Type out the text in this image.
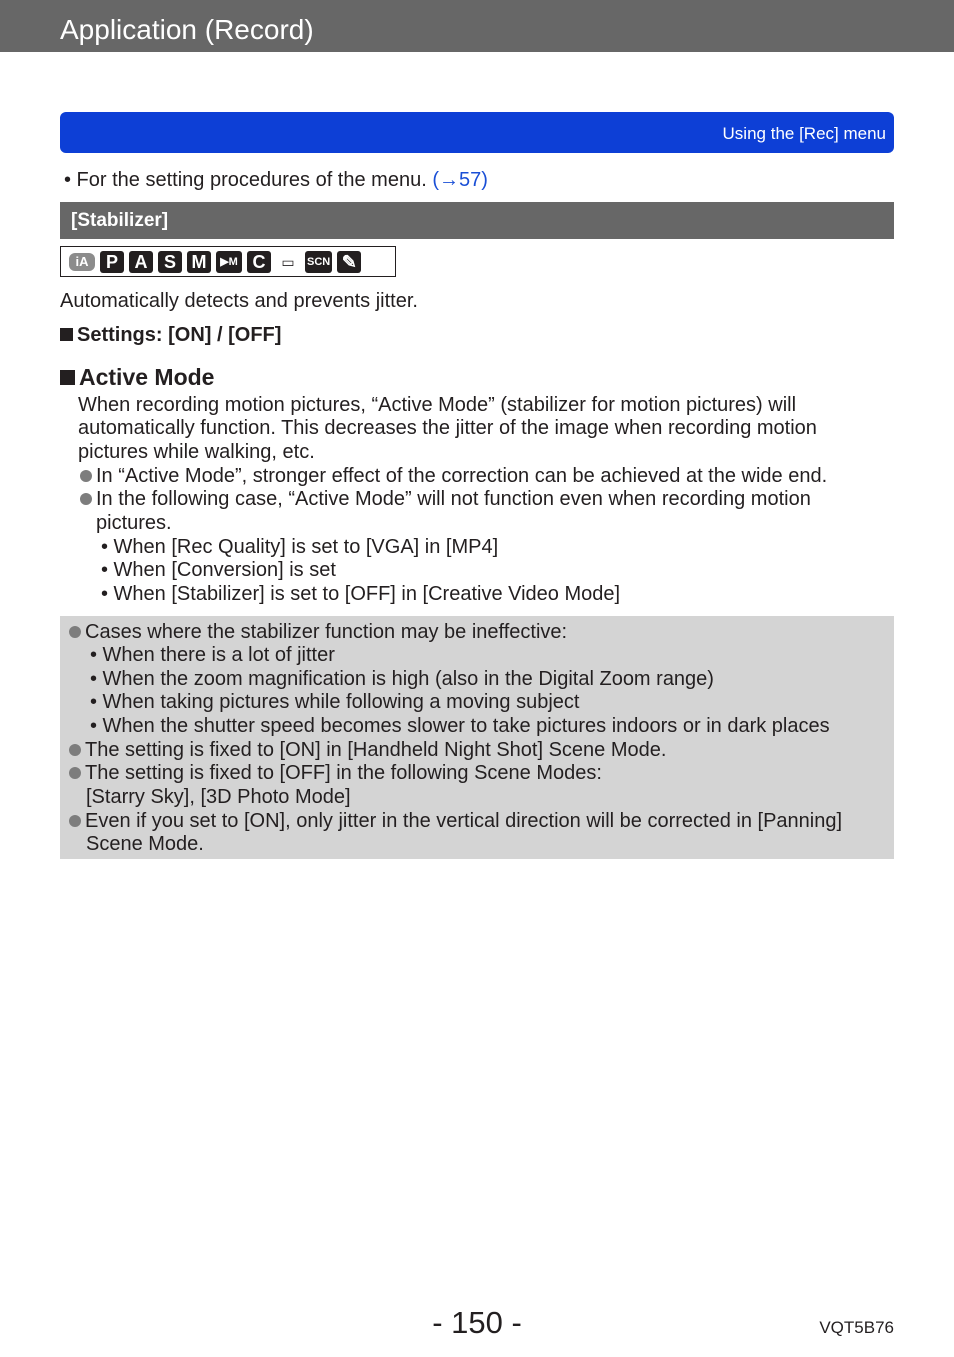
Application (Record)
Using the [Rec] menu
• For the setting procedures of the menu. (→57)
[Stabilizer]
iA P A S M	▶M C	▭	SCN ✎
Automatically detects and prevents jitter.
Settings: [ON] / [OFF]
Active Mode
When recording motion pictures, “Active Mode” (stabilizer for motion pictures) will
automatically function. This decreases the jitter of the image when recording motion
pictures while walking, etc.
In “Active Mode”, stronger effect of the correction can be achieved at the wide end.
In the following case, “Active Mode” will not function even when recording motion
pictures.
• When [Rec Quality] is set to [VGA] in [MP4]
• When [Conversion] is set
• When [Stabilizer] is set to [OFF] in [Creative Video Mode]
Cases where the stabilizer function may be ineffective:
• When there is a lot of jitter
• When the zoom magnification is high (also in the Digital Zoom range)
• When taking pictures while following a moving subject
• When the shutter speed becomes slower to take pictures indoors or in dark places
The setting is fixed to [ON] in [Handheld Night Shot] Scene Mode.
The setting is fixed to [OFF] in the following Scene Modes:
[Starry Sky], [3D Photo Mode]
Even if you set to [ON], only jitter in the vertical direction will be corrected in [Panning]
Scene Mode.
- 150 -	VQT5B76
